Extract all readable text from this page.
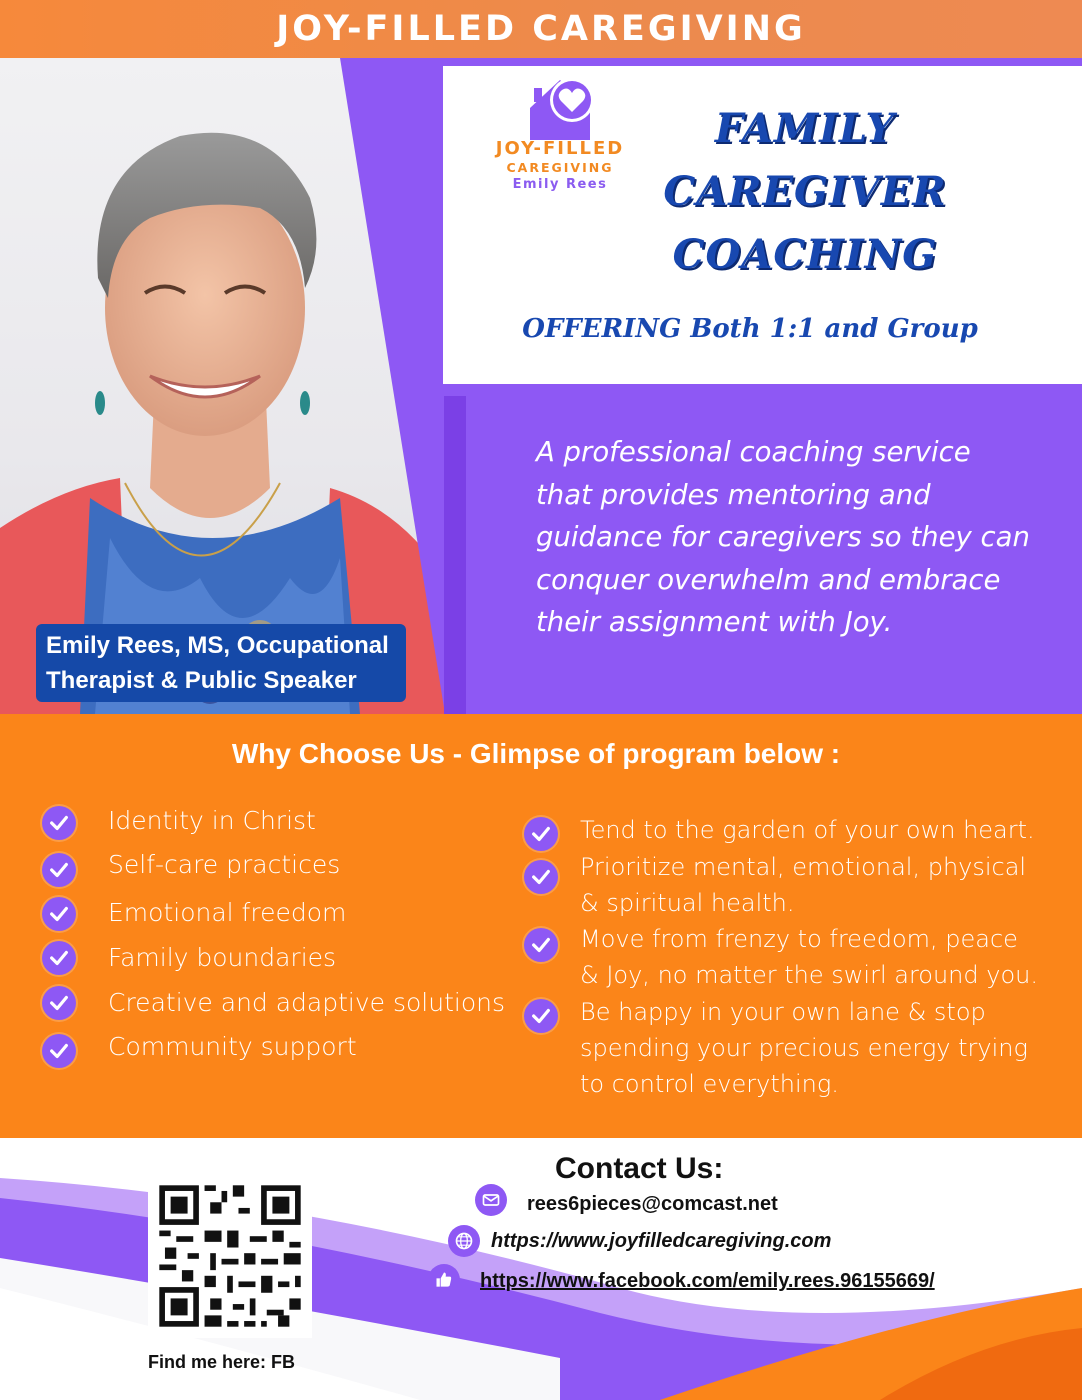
JOY-FILLED CAREGIVING
A professional coaching service
that provides mentoring and
guidance for caregivers so they can
conquer overwhelm and embrace
their assignment with Joy.
Emily Rees, MS, Occupational
Therapist & Public Speaker
JOY-FILLED
CAREGIVING
Emily Rees
FAMILY
CAREGIVER
COACHING
OFFERING Both 1:1 and Group
Why Choose Us - Glimpse of program below :
Identity in Christ
Self-care practices
Emotional freedom
Family boundaries
Creative and adaptive solutions
Community support
Tend to the garden of your own heart.
Prioritize mental, emotional, physical
& spiritual health.
Move from frenzy to freedom, peace
& Joy, no matter the swirl around you.
Be happy in your own lane & stop
spending your precious energy trying
to control everything.
Find me here: FB
Contact Us:
rees6pieces@comcast.net
https://www.joyfilledcaregiving.com
https://www.facebook.com/emily.rees.96155669/
